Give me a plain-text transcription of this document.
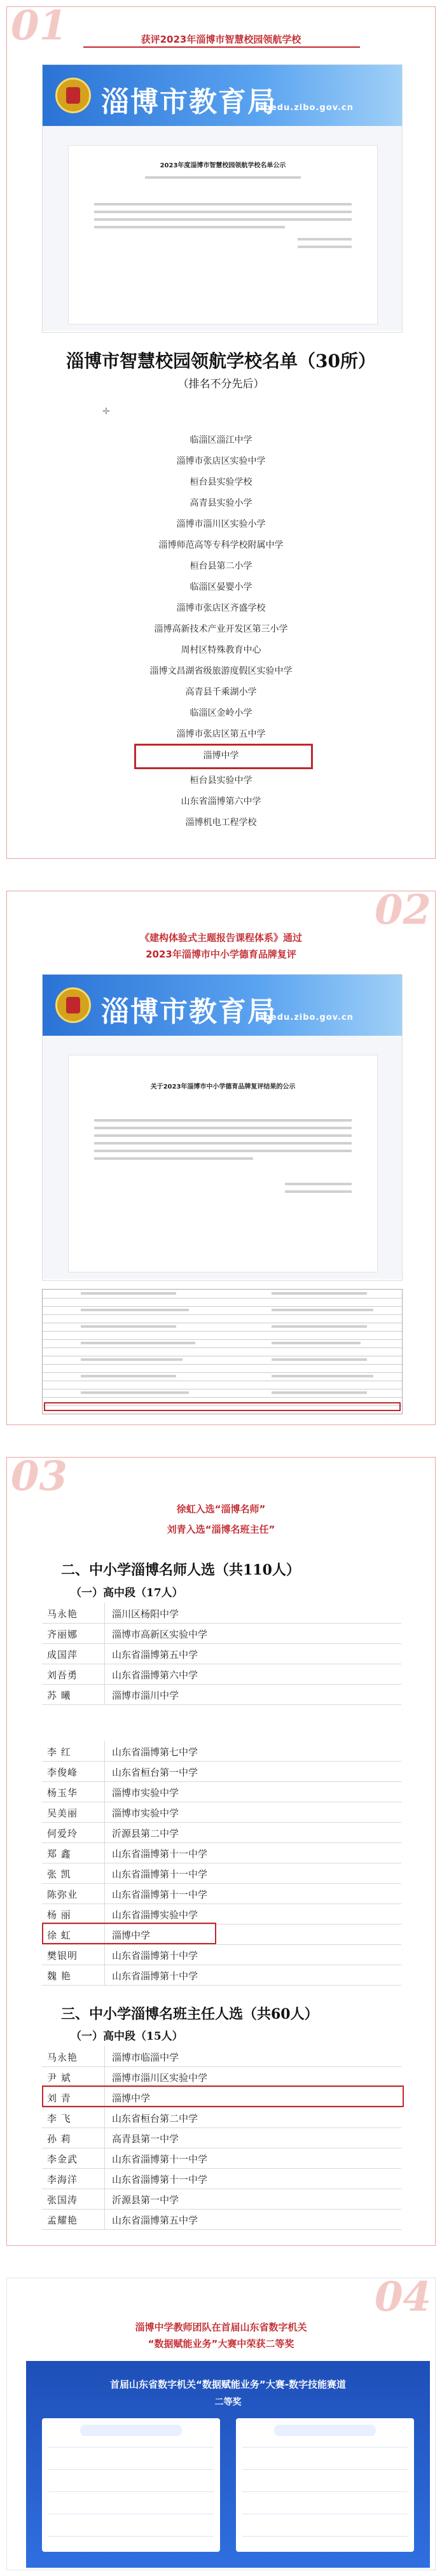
01	获评2023年淄博市智慧校园领航学校
淄博市教育局
zbedu.zibo.gov.cn
2023年度淄博市智慧校园领航学校名单公示
淄博市智慧校园领航学校名单（30所）
（排名不分先后）
✛
临淄区淄江中学
淄博市张店区实验中学
桓台县实验学校
高青县实验小学
淄博市淄川区实验小学
淄博师范高等专科学校附属中学
桓台县第二小学
临淄区晏婴小学
淄博市张店区齐盛学校
淄博高新技术产业开发区第三小学
周村区特殊教育中心
淄博文昌湖省级旅游度假区实验中学
高青县千乘湖小学
临淄区金岭小学
淄博市张店区第五中学
淄博中学
桓台县实验中学
山东省淄博第六中学
淄博机电工程学校
02
《建构体验式主题报告课程体系》通过
2023年淄博市中小学德育品牌复评
淄博市教育局
zbedu.zibo.gov.cn
关于2023年淄博市中小学德育品牌复评结果的公示
03
徐虹入选“淄博名师”
刘青入选“淄博名班主任”
二、中小学淄博名师人选（共110人）
（一）高中段（17人）
马永艳	淄川区杨阳中学
齐丽娜	淄博市高新区实验中学
成国萍	山东省淄博第五中学
刘吾勇	山东省淄博第六中学
苏 曦	淄博市淄川中学
李 红	山东省淄博第七中学
李俊峰	山东省桓台第一中学
杨玉华	淄博市实验中学
吴美丽	淄博市实验中学
何爱玲	沂源县第二中学
郑 鑫	山东省淄博第十一中学
张 凯	山东省淄博第十一中学
陈弥业	山东省淄博第十一中学
杨 丽	山东省淄博实验中学
徐 虹	淄博中学
樊银明	山东省淄博第十中学
魏 艳	山东省淄博第十中学
三、中小学淄博名班主任人选（共60人）
（一）高中段（15人）
马永艳	淄博市临淄中学
尹 斌	淄博市淄川区实验中学
刘 青	淄博中学
李 飞	山东省桓台第二中学
孙 莉	高青县第一中学
李金武	山东省淄博第十一中学
李海洋	山东省淄博第十一中学
张国涛	沂源县第一中学
孟耀艳	山东省淄博第五中学
04
淄博中学教师团队在首届山东省数字机关
“数据赋能业务”大赛中荣获二等奖
首届山东省数字机关“数据赋能业务”大赛-数字技能赛道
二等奖
